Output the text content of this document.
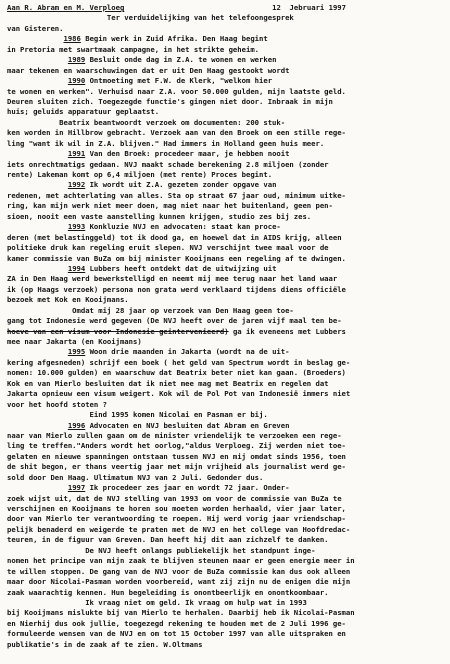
Aan R. Abram en M. Verploeg	12  Jebruari 1997
Ter verduidelijking van het telefoongesprek
van Gisteren.
1986 Begin werk in Zuid Afrika. Den Haag begint
in Pretoria met swartmaak campagne, in het strikte geheim.
1989 Besluit onde dag in Z.A. te wonen en werken
maar tekenen en waarschuwingen dat er uit Den Haag gestookt wordt
1990 Ontmoeting met F.W. de Klerk, "welkom hier
te wonen en werken". Verhuisd naar Z.A. voor 50.000 gulden, mijn laatste geld.
Deuren sluiten zich. Toegezegde functie's gingen niet door. Inbraak in mijn
huis; geluids apparatuur geplaatst.
Beatrix beantwoordt verzoek om documenten: 200 stuk-
ken worden in Hillbrow gebracht. Verzoek aan van den Broek om een stille rege-
ling "want ik wil in Z.A. blijven." Had immers in Holland geen huis meer.
1991 Van den Broek: procedeer maar, je hebben nooit
iets onrechtmatigs gedaan. NVJ maakt schade berekening 2.8 miljoen (zonder
rente) Lakeman komt op 6,4 miljoen (met rente) Proces begint.
1992 Ik wordt uit Z.A. gezeten zonder opgave van
redenen, met achterlating van alles. Sta op straat 67 jaar oud, minimum uitke-
ring, kan mijn werk niet meer doen, mag niet naar het buitenland, geen pen-
sioen, nooit een vaste aanstelling kunnen krijgen, studio zes bij zes.
1993 Konkluzie NVJ en advocaten: staat kan proce-
deren (met belastinggeld) tot ik dood ga, en hoewel dat in AIDS krijg, alleen
politieke druk kan regeling eruit slepen. NVJ verschijnt twee maal voor de
kamer commissie van BuZa om bij minister Kooijmans een regeling af te dwingen.
1994 Lubbers heeft ontdekt dat de uitwijzing uit
ZA in Den Haag werd bewerkstelligd en neemt mij mee terug naar het land waar
ik (op Haags verzoek) persona non grata werd verklaard tijdens diens officiële
bezoek met Kok en Kooijmans.
Omdat mij 28 jaar op verzoek van Den Haag geen toe-
gang tot Indonesie werd gegeven (De NVJ heeft over de jaren vijf maal ten be-
hoeve van een visum voor Indonesie geintervenieerd) ga ik eveneens met Lubbers
mee naar Jakarta (en Kooijmans)
1995 Woon drie maanden in Jakarta (wordt na de uit-
kering afgesneden) schrijf een boek ( het geld van Spectrum wordt in beslag ge-
nomen: 10.000 gulden) en waarschuw dat Beatrix beter niet kan gaan. (Broeders)
Kok en van Mierlo besluiten dat ik niet mee mag met Beatrix en regelen dat
Jakarta opnieuw een visum weigert. Kok wil de Pol Pot van Indonesië immers niet
voor het hoofd stoten ?
Eind 1995 komen Nicolai en Pasman er bij.
1996 Advocaten en NVJ besluiten dat Abram en Greven
naar van Mierlo zullen gaan om de minister vriendelijk te verzoeken een rege-
ling te treffen."Anders wordt het oorlog,"aldus Verploeg. Zij werden niet toe-
gelaten en nieuwe spanningen ontstaan tussen NVJ en mij omdat sinds 1956, toen
de shit begon, er thans veertig jaar met mijn vrijheid als journalist werd ge-
sold door Den Haag. Ultimatum NVJ van 2 Juli. Gedonder dus.
1997 Ik procedeer zes jaar en wordt 72 jaar. Onder-
zoek wijst uit, dat de NVJ stelling van 1993 om voor de commissie van BuZa te
verschijnen en Kooijmans te horen sou moeten worden herhaald, vier jaar later,
door van Mierlo ter verantwoording te roepen. Hij werd vorig jaar vriendschap-
pelijk benaderd en weigerde te praten met de NVJ en het college van Hoofdredac-
teuren, in de figuur van Greven. Dan heeft hij dit aan zichzelf te danken.
De NVJ heeft onlangs publiekelijk het standpunt inge-
nomen het principe van mijn zaak te blijven steunen maar er geen energie meer in
te willen stoppen. De gang van de NVJ voor de BuZa commissie kan dus ook alleen
maar door Nicolai-Pasman worden voorbereid, want zij zijn nu de enigen die mijn
zaak waarachtig kennen. Hun begeleiding is onontbeerlijk en onontkoombaar.
Ik vraag niet om geld. Ik vraag om hulp wat in 1993
bij Kooijmans mislukte bij van Mierlo te herhalen. Daarbij heb ik Nicolai-Pasman
en Nierhij dus ook jullie, toegezegd rekening te houden met de 2 Juli 1996 ge-
formuleerde wensen van de NVJ en om tot 15 October 1997 van alle uitspraken en
publikatie's in de zaak af te zien. W.Oltmans
